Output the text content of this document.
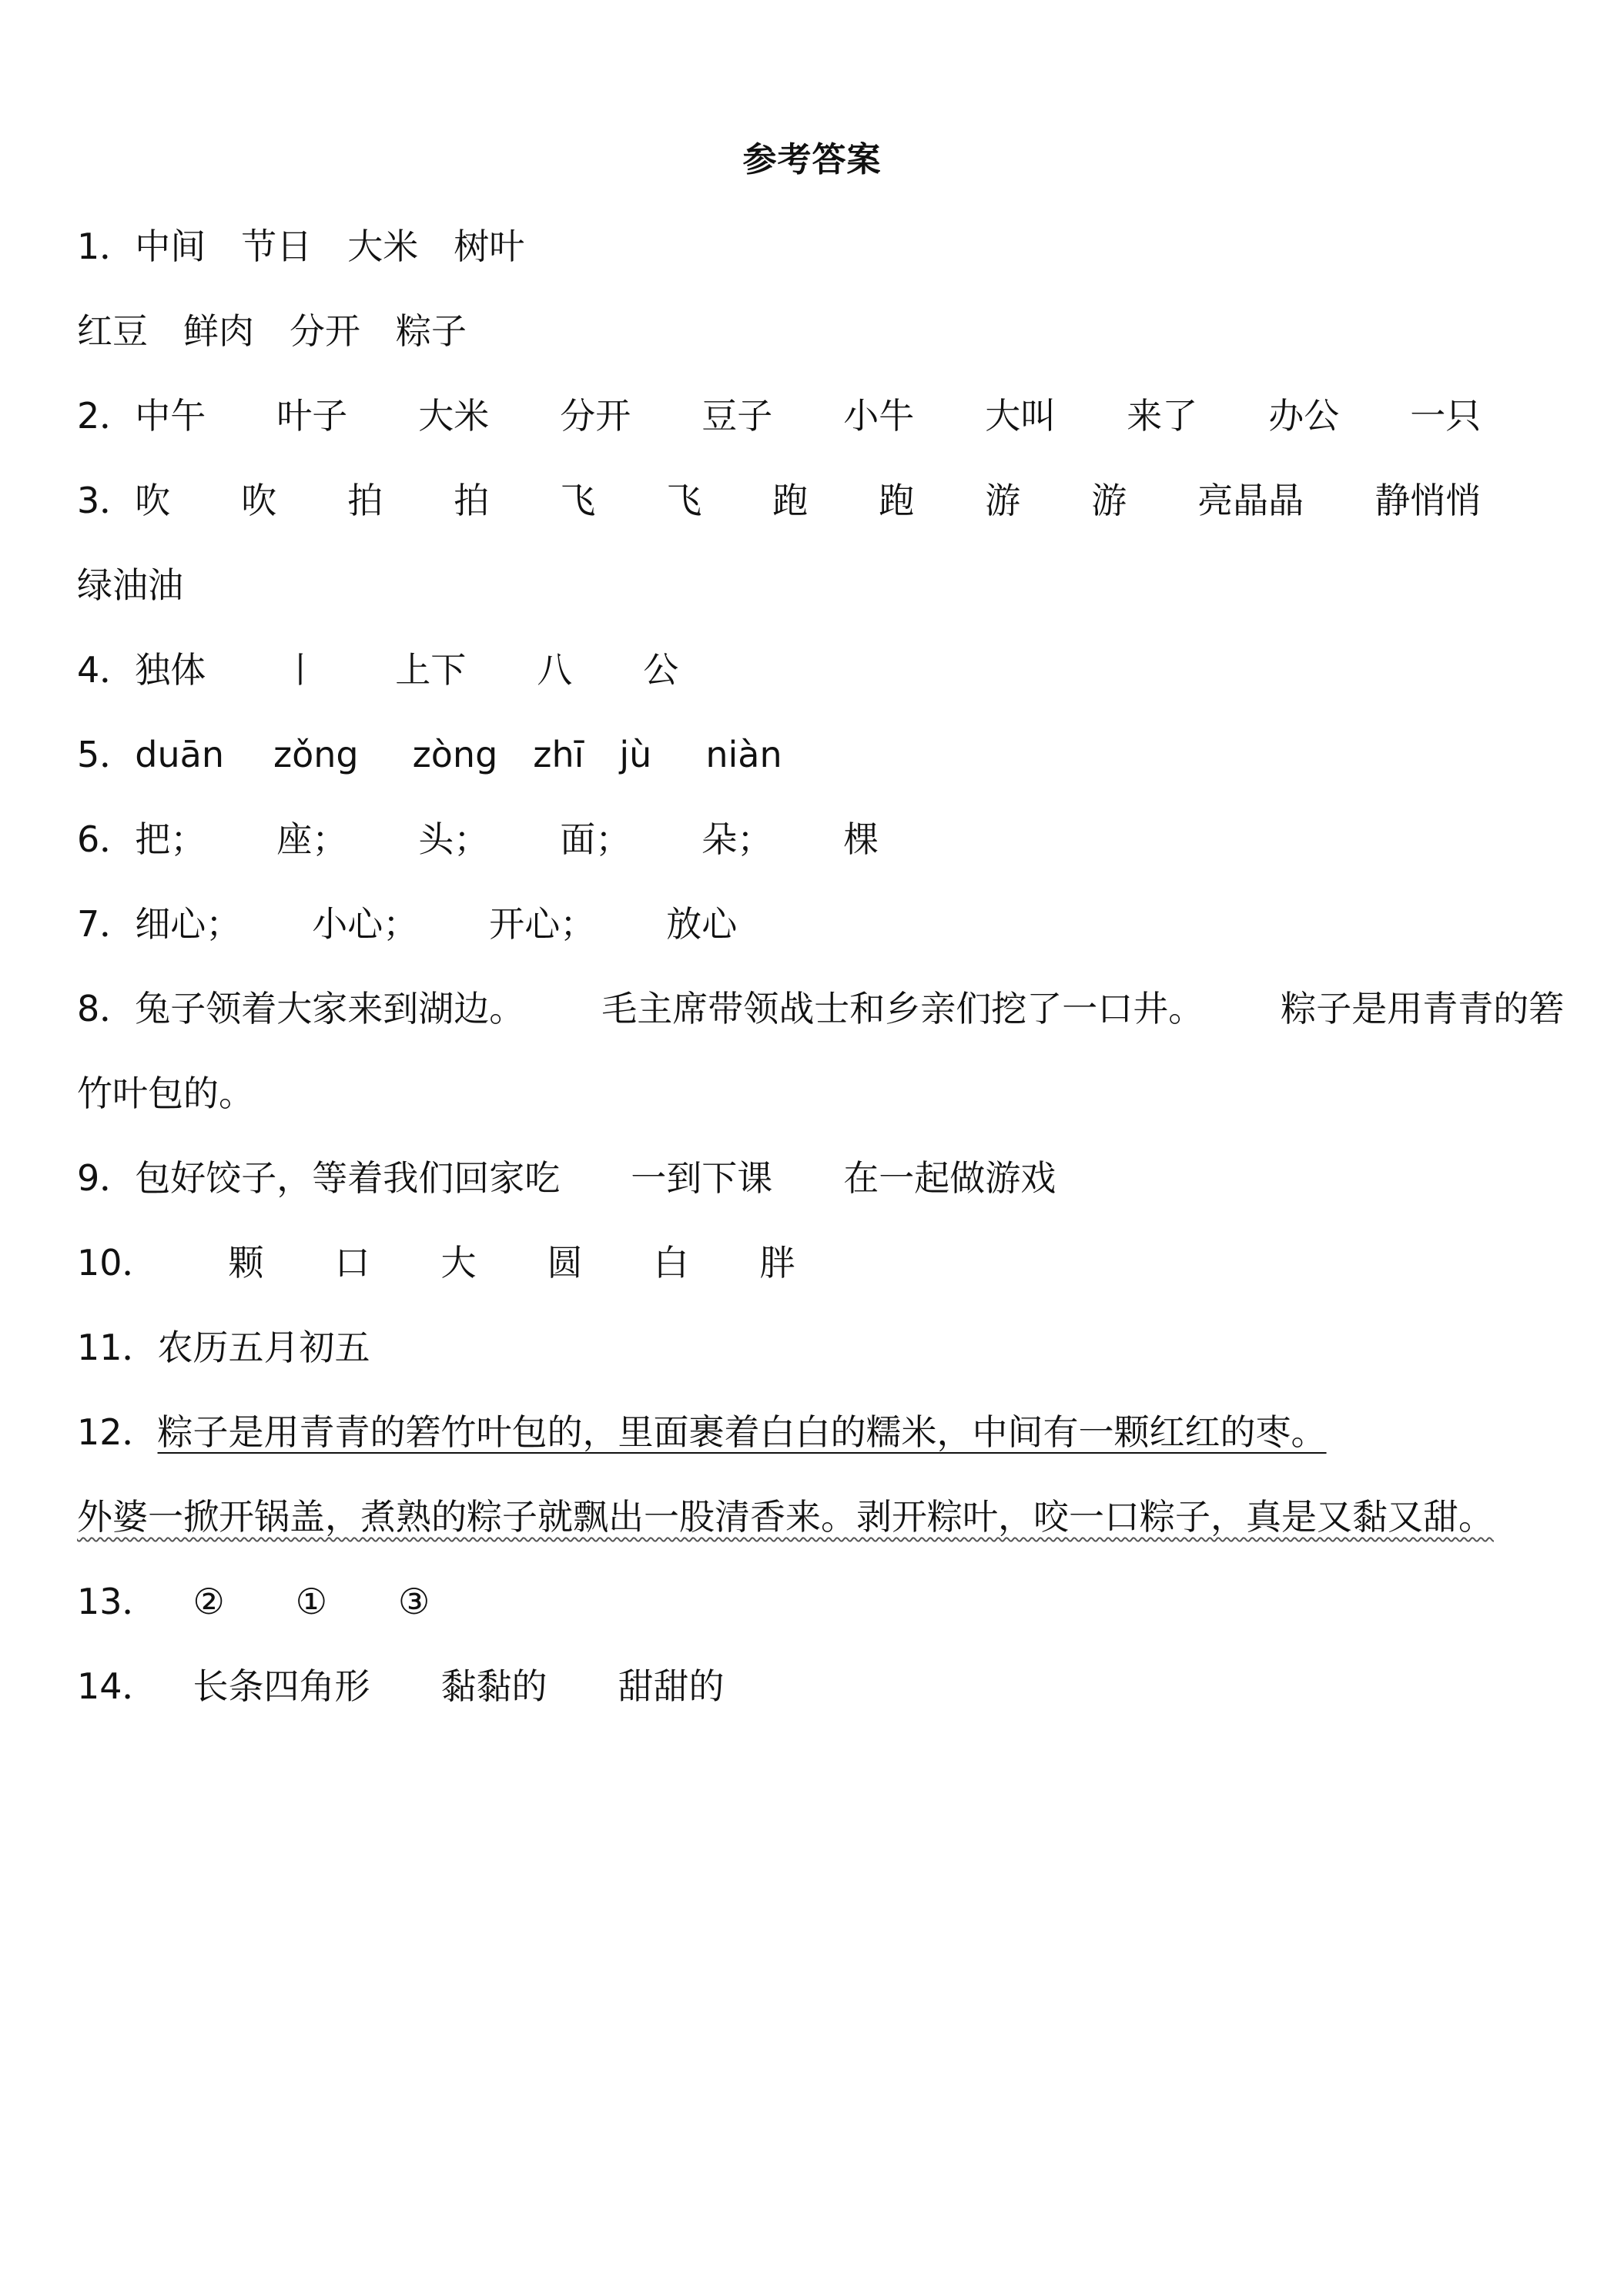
参考答案
1．中间 节日 大米 树叶
红豆 鲜肉 分开 粽子
2．中午 叶子 大米 分开 豆子 小牛 大叫 来了 办公 一只
3．吹 吹 拍 拍 飞 飞 跑 跑 游 游 亮晶晶 静悄悄
绿油油
4．独体 丨 上下 八 公
5．duān zǒng zòng zhī jù niàn
6．把； 座； 头； 面； 朵； 棵
7．细心； 小心； 开心； 放心
8．兔子领着大家来到湖边。 毛主席带领战士和乡亲们挖了一口井。 粽子是用青青的箬
竹叶包的。
9．包好饺子，等着我们回家吃 一到下课 在一起做游戏
10． 颗 口 大 圆 白 胖
11．农历五月初五
12．粽子是用青青的箬竹叶包的，里面裹着白白的糯米，中间有一颗红红的枣。
外婆一掀开锅盖，煮熟的粽子就飘出一股清香来。剥开粽叶，咬一口粽子，真是又黏又甜。
13． ② ① ③
14． 长条四角形 黏黏的 甜甜的
